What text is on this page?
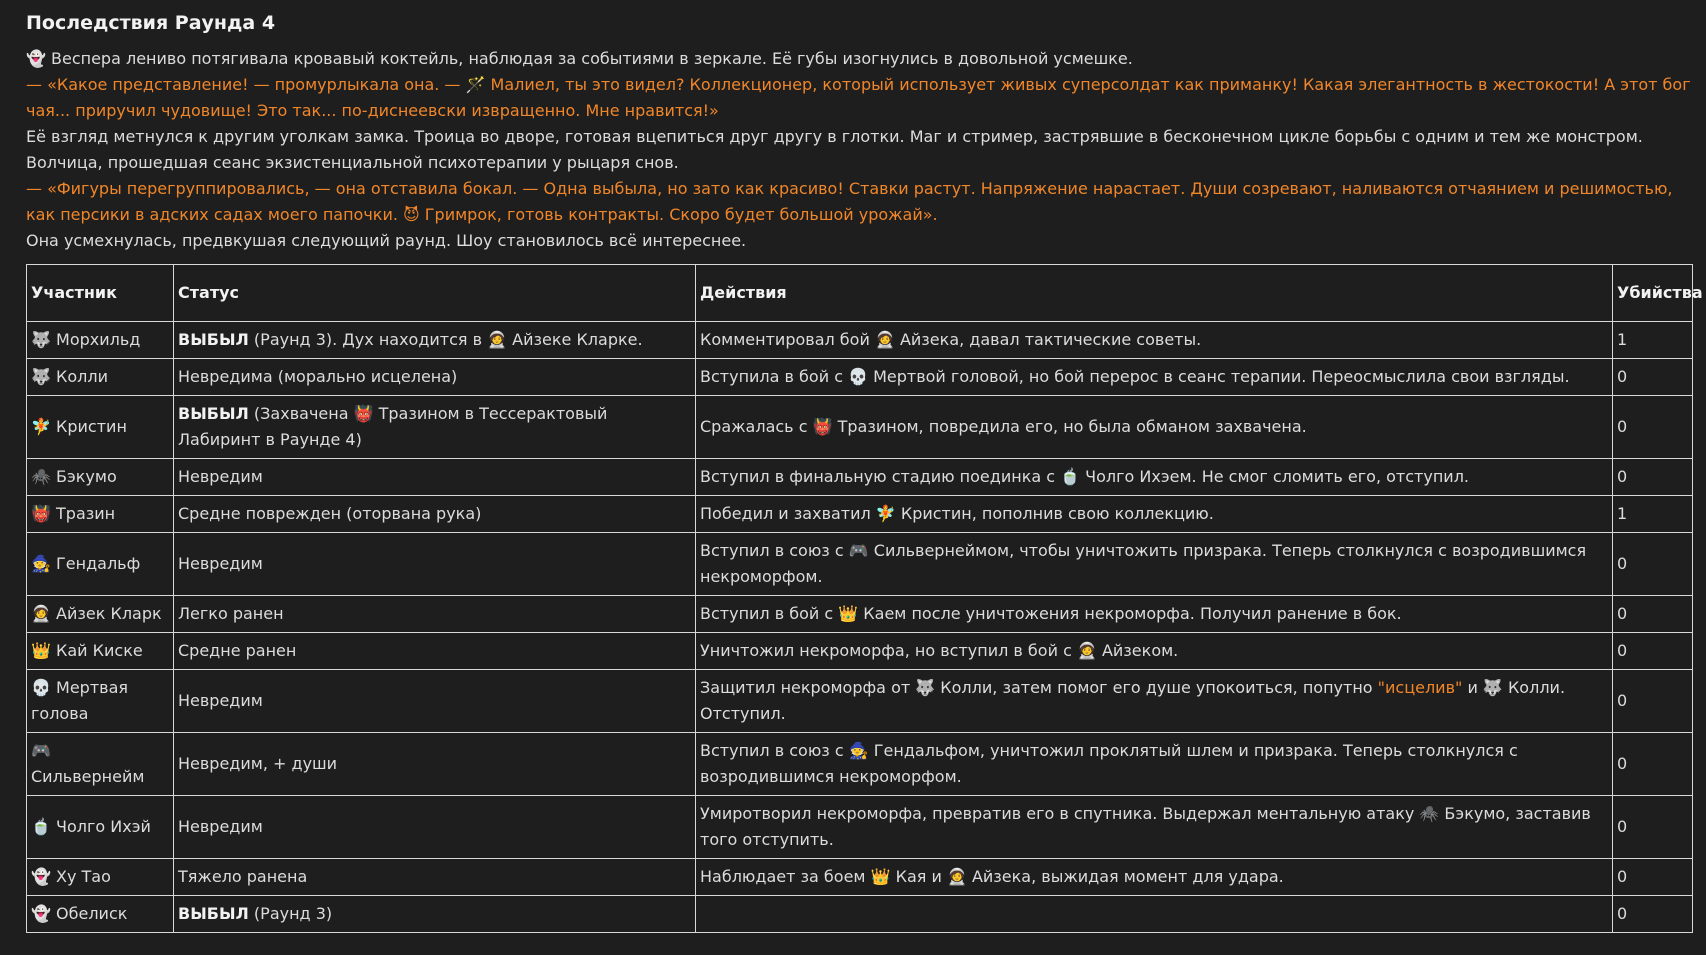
Последствия Раунда 4

👻 Веспера лениво потягивала кровавый коктейль, наблюдая за событиями в зеркале. Её губы изогнулись в довольной усмешке.

— «Какое представление! — промурлыкала она. — 🪄 Малиел, ты это видел? Коллекционер, который использует живых суперсолдат как приманку! Какая элегантность в жестокости! А этот бог чая... приручил чудовище! Это так... по-диснеевски извращенно. Мне нравится!»

Её взгляд метнулся к другим уголкам замка. Троица во дворе, готовая вцепиться друг другу в глотки. Маг и стример, застрявшие в бесконечном цикле борьбы с одним и тем же монстром. Волчица, прошедшая сеанс экзистенциальной психотерапии у рыцаря снов.

— «Фигуры перегруппировались, — она отставила бокал. — Одна выбыла, но зато как красиво! Ставки растут. Напряжение нарастает. Души созревают, наливаются отчаянием и решимостью, как персики в адских садах моего папочки. 😈 Гримрок, готовь контракты. Скоро будет большой урожай».

Она усмехнулась, предвкушая следующий раунд. Шоу становилось всё интереснее.

Участник	Статус	Действия	Убийства
🐺 Морхильд	ВЫБЫЛ (Раунд 3). Дух находится в 🧑‍🚀 Айзеке Кларке.	Комментировал бой 🧑‍🚀 Айзека, давал тактические советы.	1
🐺 Колли	Невредима (морально исцелена)	Вступила в бой с 💀 Мертвой головой, но бой перерос в сеанс терапии. Переосмыслила свои взгляды.	0
🧚 Кристин	ВЫБЫЛ (Захвачена 👹 Тразином в Тессерактовый Лабиринт в Раунде 4)	Сражалась с 👹 Тразином, повредила его, но была обманом захвачена.	0
🕷️ Бэкумо	Невредим	Вступил в финальную стадию поединка с 🍵 Чолго Ихэем. Не смог сломить его, отступил.	0
👹 Тразин	Средне поврежден (оторвана рука)	Победил и захватил 🧚 Кристин, пополнив свою коллекцию.	1
🧙 Гендальф	Невредим	Вступил в союз с 🎮 Сильвернеймом, чтобы уничтожить призрака. Теперь столкнулся с возродившимся некроморфом.	0
🧑‍🚀 Айзек Кларк	Легко ранен	Вступил в бой с 👑 Каем после уничтожения некроморфа. Получил ранение в бок.	0
👑 Кай Киске	Средне ранен	Уничтожил некроморфа, но вступил в бой с 🧑‍🚀 Айзеком.	0
💀 Мертвая голова	Невредим	Защитил некроморфа от 🐺 Колли, затем помог его душе упокоиться, попутно "исцелив" и 🐺 Колли. Отступил.	0
🎮 Сильвернейм	Невредим, + души	Вступил в союз с 🧙 Гендальфом, уничтожил проклятый шлем и призрака. Теперь столкнулся с возродившимся некроморфом.	0
🍵 Чолго Ихэй	Невредим	Умиротворил некроморфа, превратив его в спутника. Выдержал ментальную атаку 🕷️ Бэкумо, заставив того отступить.	0
👻 Ху Тао	Тяжело ранена	Наблюдает за боем 👑 Кая и 🧑‍🚀 Айзека, выжидая момент для удара.	0
👻 Обелиск	ВЫБЫЛ (Раунд 3)		0
